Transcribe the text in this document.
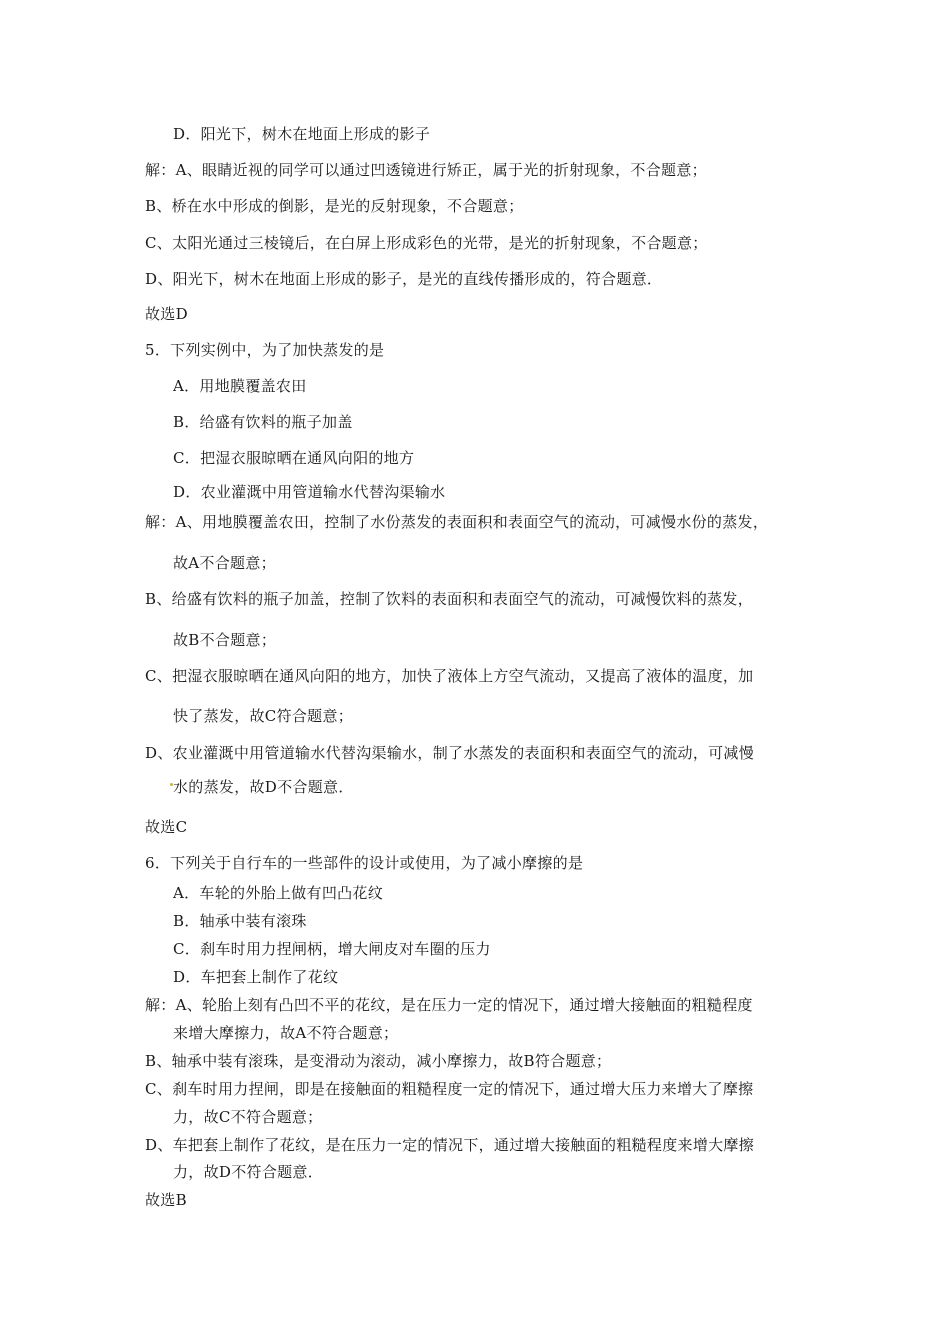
D．阳光下，树木在地面上形成的影子
解：A、眼睛近视的同学可以通过凹透镜进行矫正，属于光的折射现象，不合题意；
B、桥在水中形成的倒影，是光的反射现象，不合题意；
C、太阳光通过三棱镜后，在白屏上形成彩色的光带，是光的折射现象，不合题意；
D、阳光下，树木在地面上形成的影子，是光的直线传播形成的，符合题意．
故选D
5．下列实例中，为了加快蒸发的是
A．用地膜覆盖农田
B．给盛有饮料的瓶子加盖
C．把湿衣服晾晒在通风向阳的地方
D．农业灌溉中用管道输水代替沟渠输水
解：A、用地膜覆盖农田，控制了水份蒸发的表面积和表面空气的流动，可减慢水份的蒸发，
故A不合题意；
B、给盛有饮料的瓶子加盖，控制了饮料的表面积和表面空气的流动，可减慢饮料的蒸发，
故B不合题意；
C、把湿衣服晾晒在通风向阳的地方，加快了液体上方空气流动，又提高了液体的温度，加
快了蒸发，故C符合题意；
D、农业灌溉中用管道输水代替沟渠输水，制了水蒸发的表面积和表面空气的流动，可减慢
水的蒸发，故D不合题意．
故选C
6．下列关于自行车的一些部件的设计或使用，为了减小摩擦的是
A．车轮的外胎上做有凹凸花纹
B．轴承中装有滚珠
C．刹车时用力捏闸柄，增大闸皮对车圈的压力
D．车把套上制作了花纹
解：A、轮胎上刻有凸凹不平的花纹，是在压力一定的情况下，通过增大接触面的粗糙程度
来增大摩擦力，故A不符合题意；
B、轴承中装有滚珠，是变滑动为滚动，减小摩擦力，故B符合题意；
C、刹车时用力捏闸，即是在接触面的粗糙程度一定的情况下，通过增大压力来增大了摩擦
力，故C不符合题意；
D、车把套上制作了花纹，是在压力一定的情况下，通过增大接触面的粗糙程度来增大摩擦
力，故D不符合题意．
故选B
